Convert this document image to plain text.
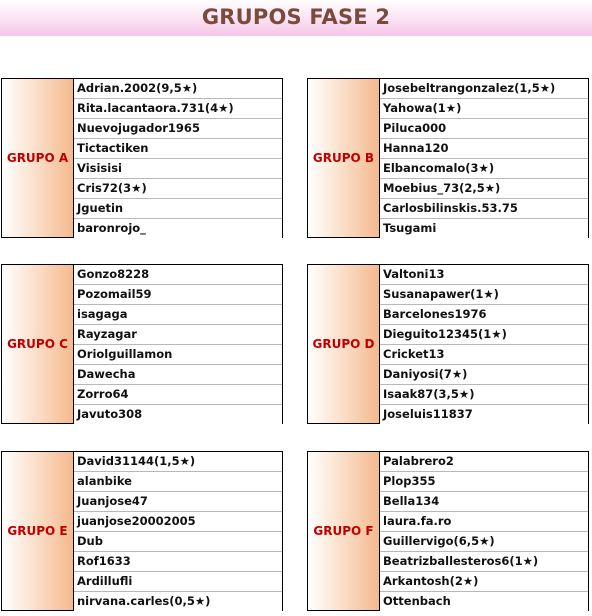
GRUPOS FASE 2
GRUPO A
Adrian.2002(9,5★)
Rita.lacantaora.731(4★)
Nuevojugador1965
Tictactiken
Visisisi
Cris72(3★)
Jguetin
baronrojo_
GRUPO B
Josebeltrangonzalez(1,5★)
Yahowa(1★)
Piluca000
Hanna120
Elbancomalo(3★)
Moebius_73(2,5★)
Carlosbilinskis.53.75
Tsugami
GRUPO C
Gonzo8228
Pozomail59
isagaga
Rayzagar
Oriolguillamon
Dawecha
Zorro64
Javuto308
GRUPO D
Valtoni13
Susanapawer(1★)
Barcelones1976
Dieguito12345(1★)
Cricket13
Daniyosi(7★)
Isaak87(3,5★)
Joseluis11837
GRUPO E
David31144(1,5★)
alanbike
Juanjose47
juanjose20002005
Dub
Rof1633
Ardillufli
nirvana.carles(0,5★)
GRUPO F
Palabrero2
Plop355
Bella134
laura.fa.ro
Guillervigo(6,5★)
Beatrizballesteros6(1★)
Arkantosh(2★)
Ottenbach
